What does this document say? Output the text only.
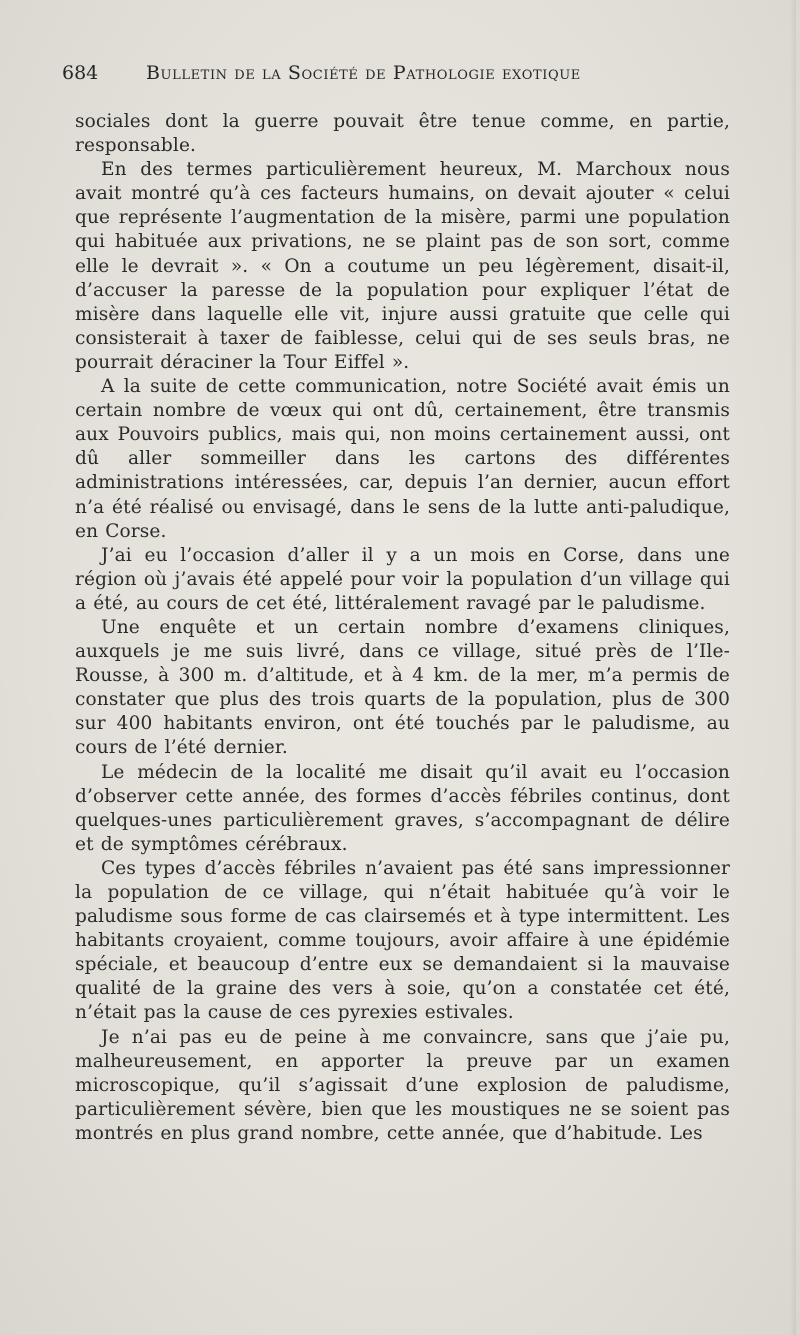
684	Bulletin de la Société de Pathologie exotique

sociales dont la guerre pouvait être tenue comme, en partie, responsable.

En des termes particulièrement heureux, M. Marchoux nous avait montré qu’à ces facteurs humains, on devait ajouter « celui que représente l’augmentation de la misère, parmi une population qui habituée aux privations, ne se plaint pas de son sort, comme elle le devrait ». « On a coutume un peu légèrement, disait-il, d’accuser la paresse de la population pour expliquer l’état de misère dans laquelle elle vit, injure aussi gratuite que celle qui consisterait à taxer de faiblesse, celui qui de ses seuls bras, ne pourrait déraciner la Tour Eiffel ».

A la suite de cette communication, notre Société avait émis un certain nombre de vœux qui ont dû, certainement, être transmis aux Pouvoirs publics, mais qui, non moins certainement aussi, ont dû aller sommeiller dans les cartons des différentes administrations intéressées, car, depuis l’an dernier, aucun effort n’a été réalisé ou envisagé, dans le sens de la lutte anti-paludique, en Corse.

J’ai eu l’occasion d’aller il y a un mois en Corse, dans une région où j’avais été appelé pour voir la population d’un village qui a été, au cours de cet été, littéralement ravagé par le paludisme.

Une enquête et un certain nombre d’examens cliniques, auxquels je me suis livré, dans ce village, situé près de l’Ile-Rousse, à 300 m. d’altitude, et à 4 km. de la mer, m’a permis de constater que plus des trois quarts de la population, plus de 300 sur 400 habitants environ, ont été touchés par le paludisme, au cours de l’été dernier.

Le médecin de la localité me disait qu’il avait eu l’occasion d’observer cette année, des formes d’accès fébriles continus, dont quelques-unes particulièrement graves, s’accompagnant de délire et de symptômes cérébraux.

Ces types d’accès fébriles n’avaient pas été sans impressionner la population de ce village, qui n’était habituée qu’à voir le paludisme sous forme de cas clairsemés et à type intermittent. Les habitants croyaient, comme toujours, avoir affaire à une épidémie spéciale, et beaucoup d’entre eux se demandaient si la mauvaise qualité de la graine des vers à soie, qu’on a constatée cet été, n’était pas la cause de ces pyrexies estivales.

Je n’ai pas eu de peine à me convaincre, sans que j’aie pu, malheureusement, en apporter la preuve par un examen microscopique, qu’il s’agissait d’une explosion de paludisme, particulièrement sévère, bien que les moustiques ne se soient pas montrés en plus grand nombre, cette année, que d’habitude. Les
